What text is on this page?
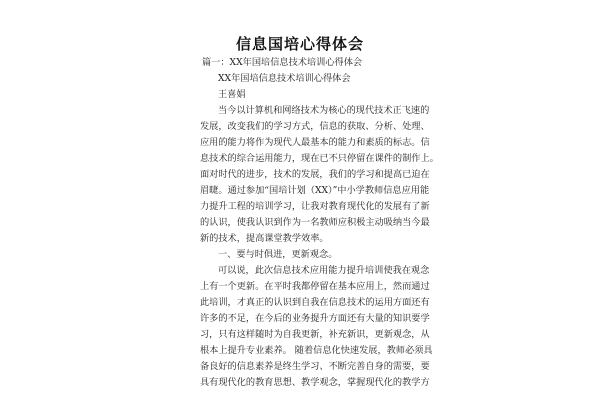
信息国培心得体会
篇一：XX年国培信息技术培训心得体会
XX年国培信息技术培训心得体会
王喜娟
当今以计算机和网络技术为核心的现代技术正飞速的
发展，改变我们的学习方式，信息的获取、分析、处理、
应用的能力将作为现代人最基本的能力和素质的标志。信
息技术的综合运用能力，现在已不只停留在课件的制作上。
面对时代的进步，技术的发展，我们的学习和提高已迫在
眉睫。通过参加“国培计划（XX）”中小学教师信息应用能
力提升工程的培训学习，让我对教育现代化的发展有了新
的认识，使我认识到作为一名教师应积极主动吸纳当今最
新的技术，提高课堂教学效率。
一、要与时俱进，更新观念。
可以说，此次信息技术应用能力提升培训使我在观念
上有一个更新。在平时我都停留在基本应用上，然而通过
此培训，才真正的认识到自我在信息技术的运用方面还有
许多的不足，在今后的业务提升方面还有大量的知识要学
习，只有这样随时为自我更新，补充新识，更新观念，从
根本上提升专业素养。 随着信息化快速发展，教师必须具
备良好的信息素养是终生学习、不断完善自身的需要，要
具有现代化的教育思想、教学观念，掌握现代化的教学方
